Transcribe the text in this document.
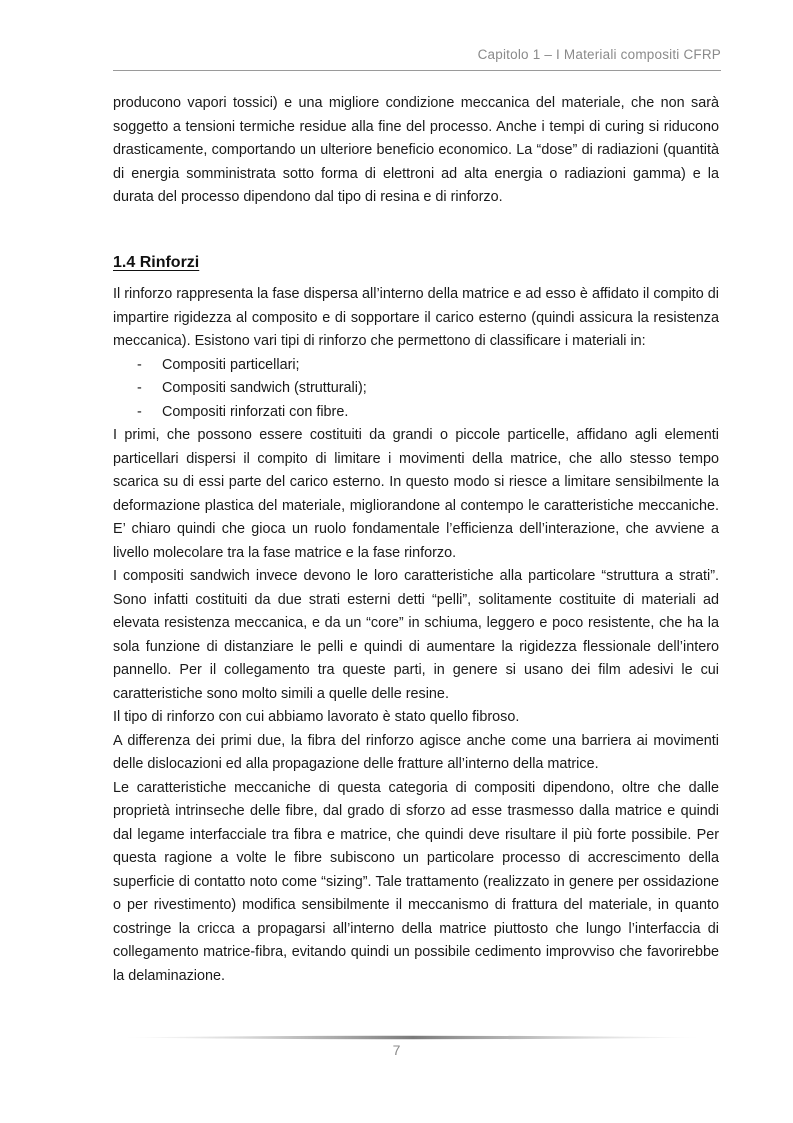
Capitolo 1 – I Materiali compositi CFRP

producono vapori tossici) e una migliore condizione meccanica del materiale, che non sarà soggetto a tensioni termiche residue alla fine del processo. Anche i tempi di curing si riducono drasticamente, comportando un ulteriore beneficio economico. La “dose” di radiazioni (quantità di energia somministrata sotto forma di elettroni ad alta energia o radiazioni gamma) e la durata del processo dipendono dal tipo di resina e di rinforzo.

1.4 Rinforzi

Il rinforzo rappresenta la fase dispersa all’interno della matrice e ad esso è affidato il compito di impartire rigidezza al composito e di sopportare il carico esterno (quindi assicura la resistenza meccanica). Esistono vari tipi di rinforzo che permettono di classificare i materiali in:

- Compositi particellari;
- Compositi sandwich (strutturali);
- Compositi rinforzati con fibre.

I primi, che possono essere costituiti da grandi o piccole particelle, affidano agli elementi particellari dispersi il compito di limitare i movimenti della matrice, che allo stesso tempo scarica su di essi parte del carico esterno. In questo modo si riesce a limitare sensibilmente la deformazione plastica del materiale, migliorandone al contempo le caratteristiche meccaniche. E’ chiaro quindi che gioca un ruolo fondamentale l’efficienza dell’interazione, che avviene a livello molecolare tra la fase matrice e la fase rinforzo.

I compositi sandwich invece devono le loro caratteristiche alla particolare “struttura a strati”. Sono infatti costituiti da due strati esterni detti “pelli”, solitamente costituite di materiali ad elevata resistenza meccanica, e da un “core” in schiuma, leggero e poco resistente, che ha la sola funzione di distanziare le pelli e quindi di aumentare la rigidezza flessionale dell’intero pannello. Per il collegamento tra queste parti, in genere si usano dei film adesivi le cui caratteristiche sono molto simili a quelle delle resine.

Il tipo di rinforzo con cui abbiamo lavorato è stato quello fibroso.

A differenza dei primi due, la fibra del rinforzo agisce anche come una barriera ai movimenti delle dislocazioni ed alla propagazione delle fratture all’interno della matrice.

Le caratteristiche meccaniche di questa categoria di compositi dipendono, oltre che dalle proprietà intrinseche delle fibre, dal grado di sforzo ad esse trasmesso dalla matrice e quindi dal legame interfacciale tra fibra e matrice, che quindi deve risultare il più forte possibile. Per questa ragione a volte le fibre subiscono un particolare processo di accrescimento della superficie di contatto noto come “sizing”. Tale trattamento (realizzato in genere per ossidazione o per rivestimento) modifica sensibilmente il meccanismo di frattura del materiale, in quanto costringe la cricca a propagarsi all’interno della matrice piuttosto che lungo l’interfaccia di collegamento matrice-fibra, evitando quindi un possibile cedimento improvviso che favorirebbe la delaminazione.

7
